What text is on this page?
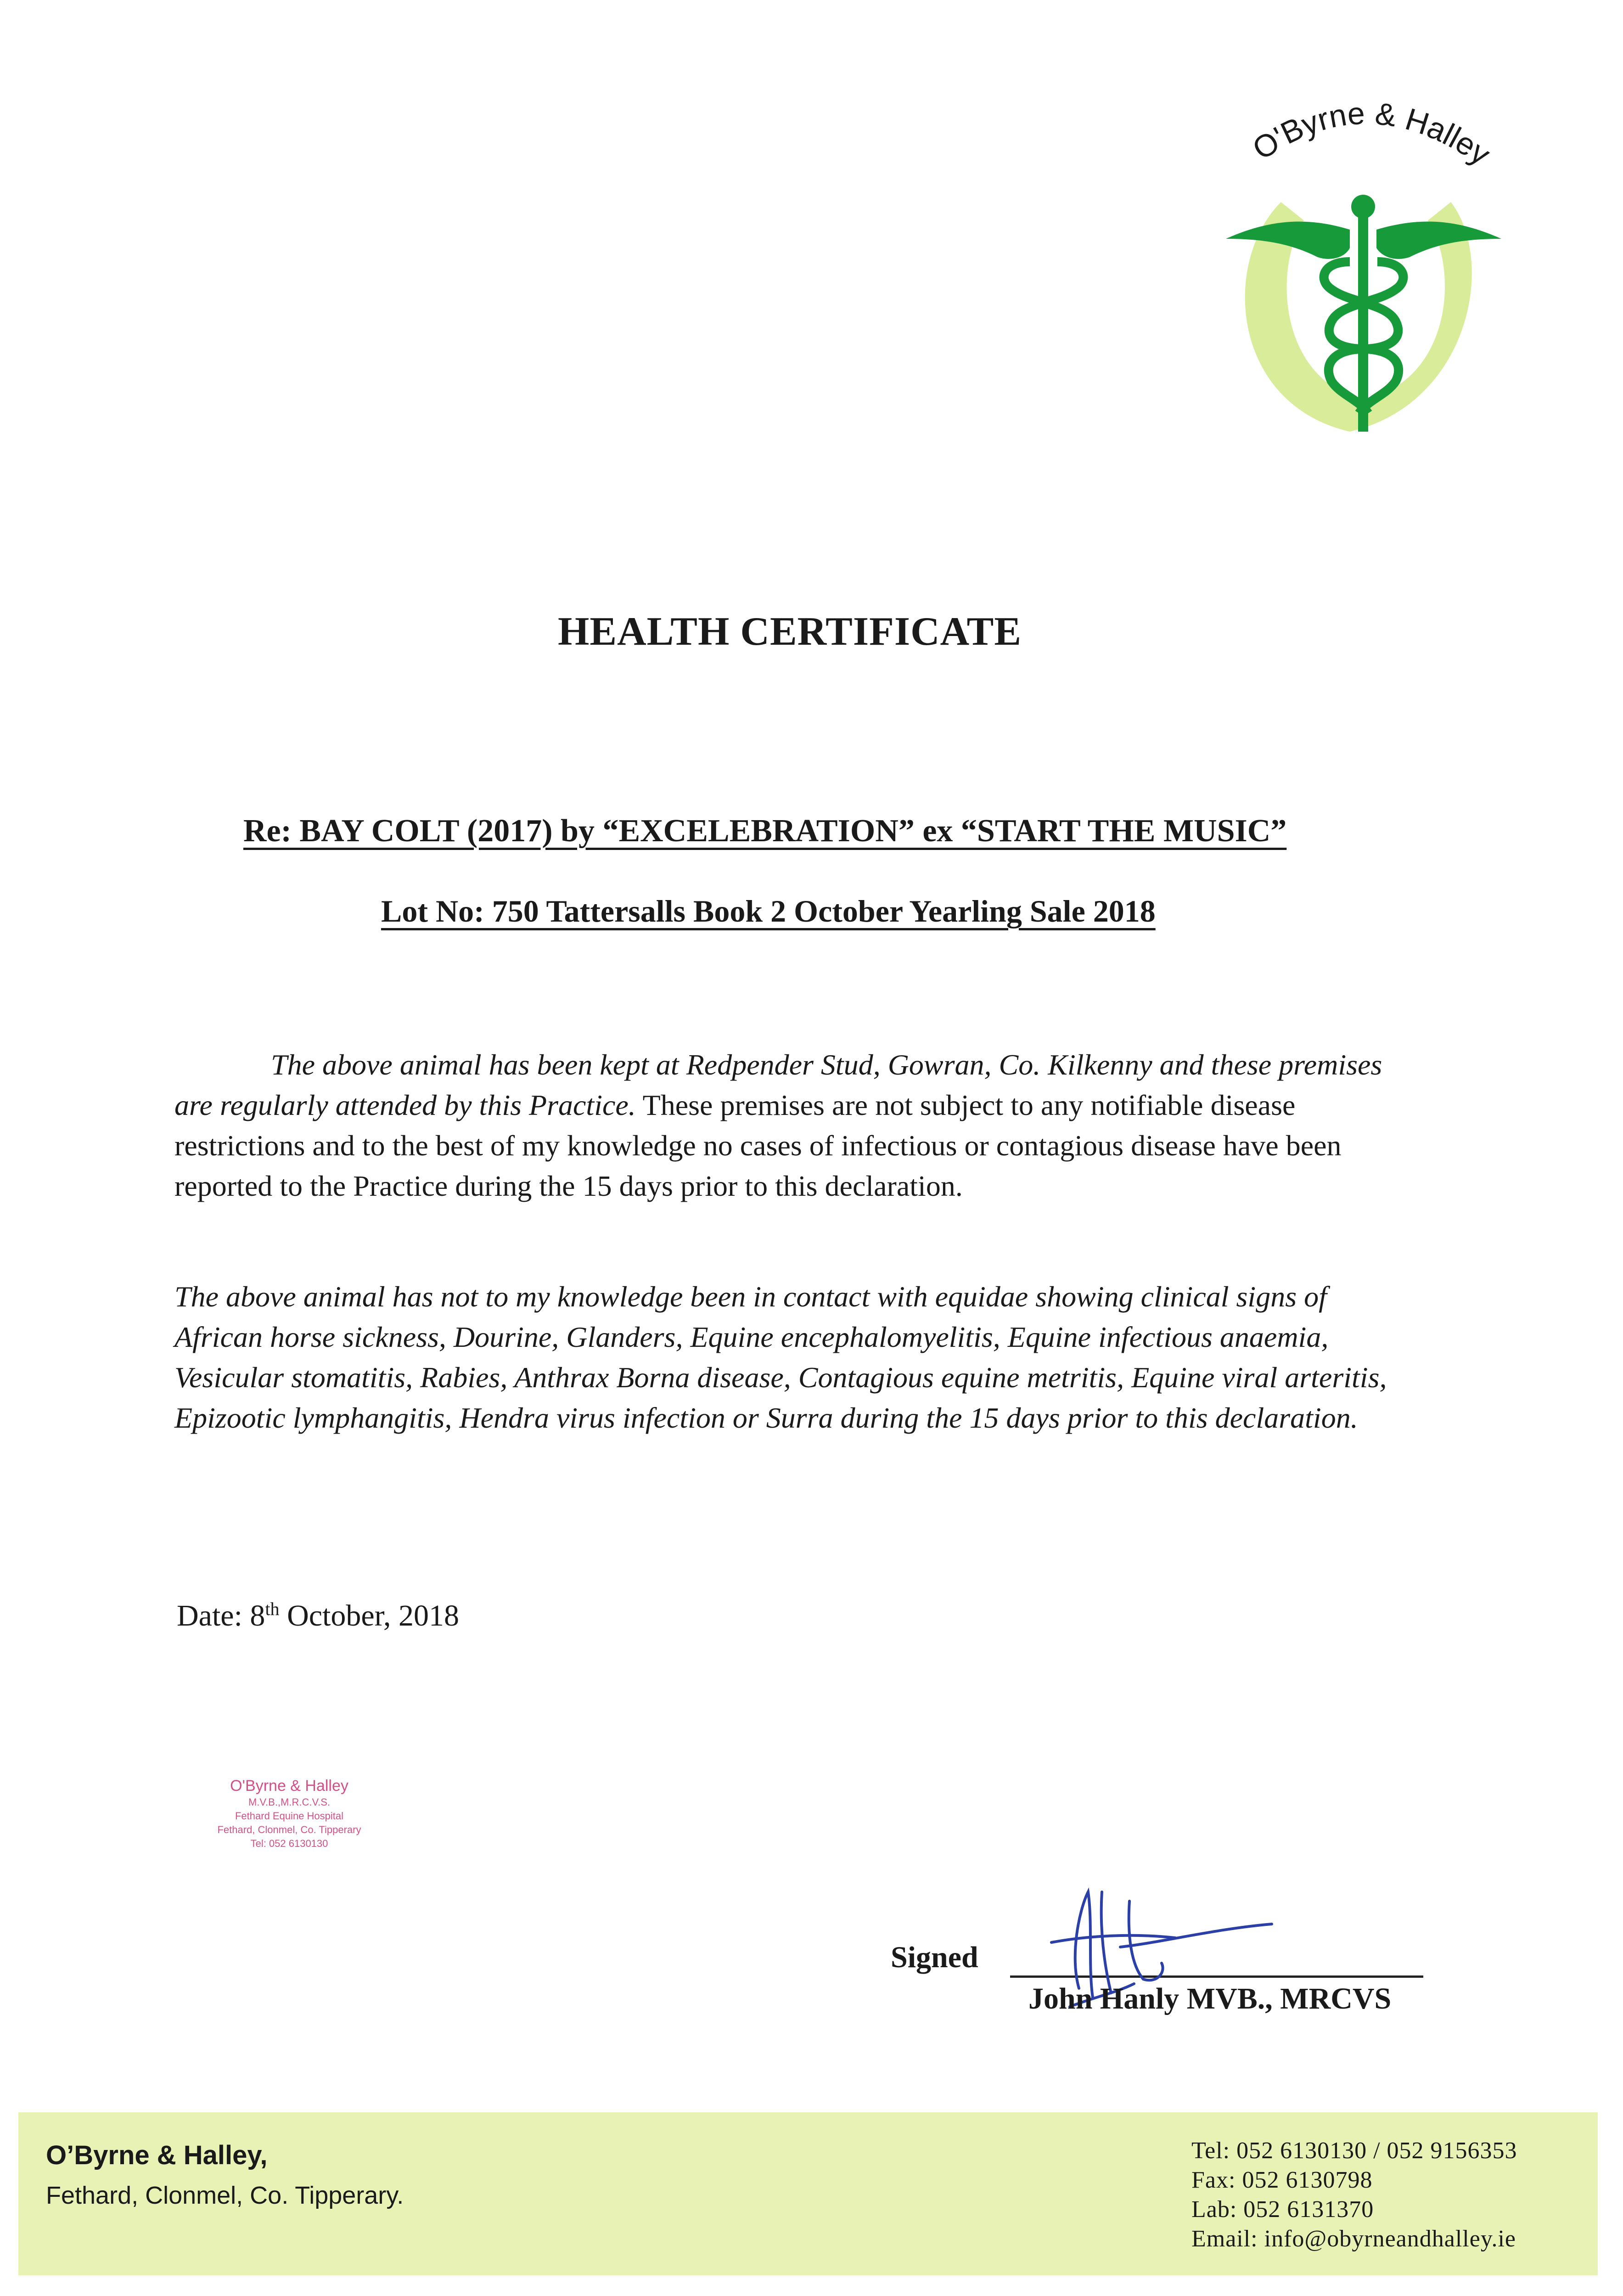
O'Byrne & Halley
HEALTH CERTIFICATE
Re: BAY COLT (2017) by “EXCELEBRATION” ex “START THE MUSIC”
Lot No: 750 Tattersalls Book 2 October Yearling Sale 2018
The above animal has been kept at Redpender Stud, Gowran, Co. Kilkenny and these premises are regularly attended by this Practice. These premises are not subject to any notifiable disease restrictions and to the best of my knowledge no cases of infectious or contagious disease have been reported to the Practice during the 15 days prior to this declaration.
The above animal has not to my knowledge been in contact with equidae showing clinical signs of African horse sickness, Dourine, Glanders, Equine encephalomyelitis, Equine infectious anaemia, Vesicular stomatitis, Rabies, Anthrax Borna disease, Contagious equine metritis, Equine viral arteritis, Epizootic lymphangitis, Hendra virus infection or Surra during the 15 days prior to this declaration.
Date: 8th October, 2018
O'Byrne & Halley
M.V.B.,M.R.C.V.S.
Fethard Equine Hospital
Fethard, Clonmel, Co. Tipperary
Tel: 052 6130130
Signed
John Hanly MVB., MRCVS
O’Byrne & Halley,
Fethard, Clonmel, Co. Tipperary.
Tel: 052 6130130 / 052 9156353
Fax: 052 6130798
Lab: 052 6131370
Email: info@obyrneandhalley.ie
